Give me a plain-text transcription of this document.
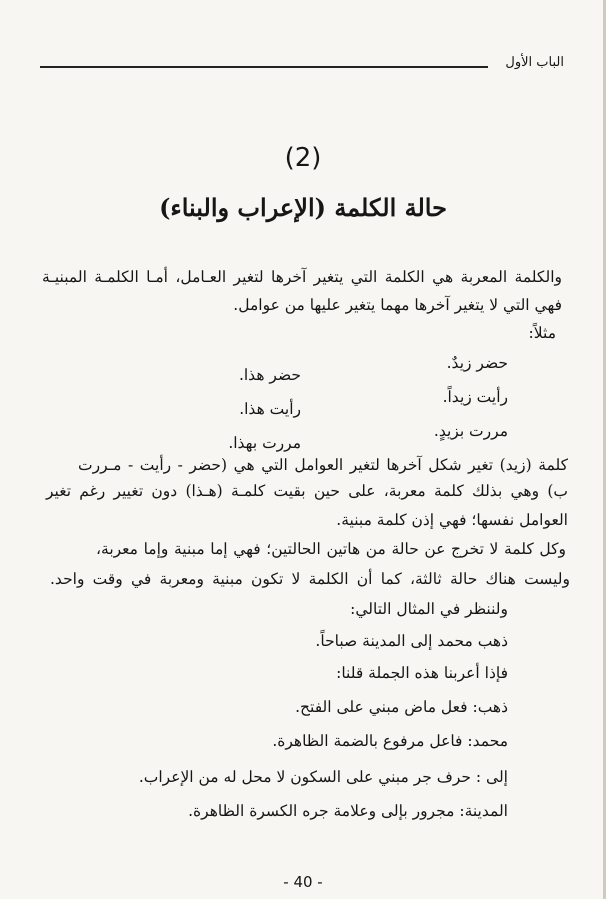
الباب الأول
(2)
حالة الكلمة (الإعراب والبناء)
والكلمة المعربة هي الكلمة التي يتغير آخرها لتغير العـامل، أمـا الكلمـة المبنيـة
فهي التي لا يتغير آخرها مهما يتغير عليها من عوامل.
مثلاً:
حضر زيدٌ.
حضر هذا.
رأيت زيداً.
رأيت هذا.
مررت بزيدٍ.
مررت بهذا.
كلمة (زيد) تغير شكل آخرها لتغير العوامل التي هي (حضر - رأيت - مـررت
ب) وهي بذلك كلمة معربة، على حين بقيت كلمـة (هـذا) دون تغيير رغم تغير
العوامل نفسها؛ فهي إذن كلمة مبنية.
وكل كلمة لا تخرج عن حالة من هاتين الحالتين؛ فهي إما مبنية وإما معربة،
وليست هناك حالة ثالثة، كما أن الكلمة لا تكون مبنية ومعربة في وقت واحد.
ولننظر في المثال التالي:
ذهب محمد إلى المدينة صباحاً.
فإذا أعربنا هذه الجملة قلنا:
ذهب: فعل ماض مبني على الفتح.
محمد: فاعل مرفوع بالضمة الظاهرة.
إلى : حرف جر مبني على السكون لا محل له من الإعراب.
المدينة: مجرور بإلى وعلامة جره الكسرة الظاهرة.
- 40 -
